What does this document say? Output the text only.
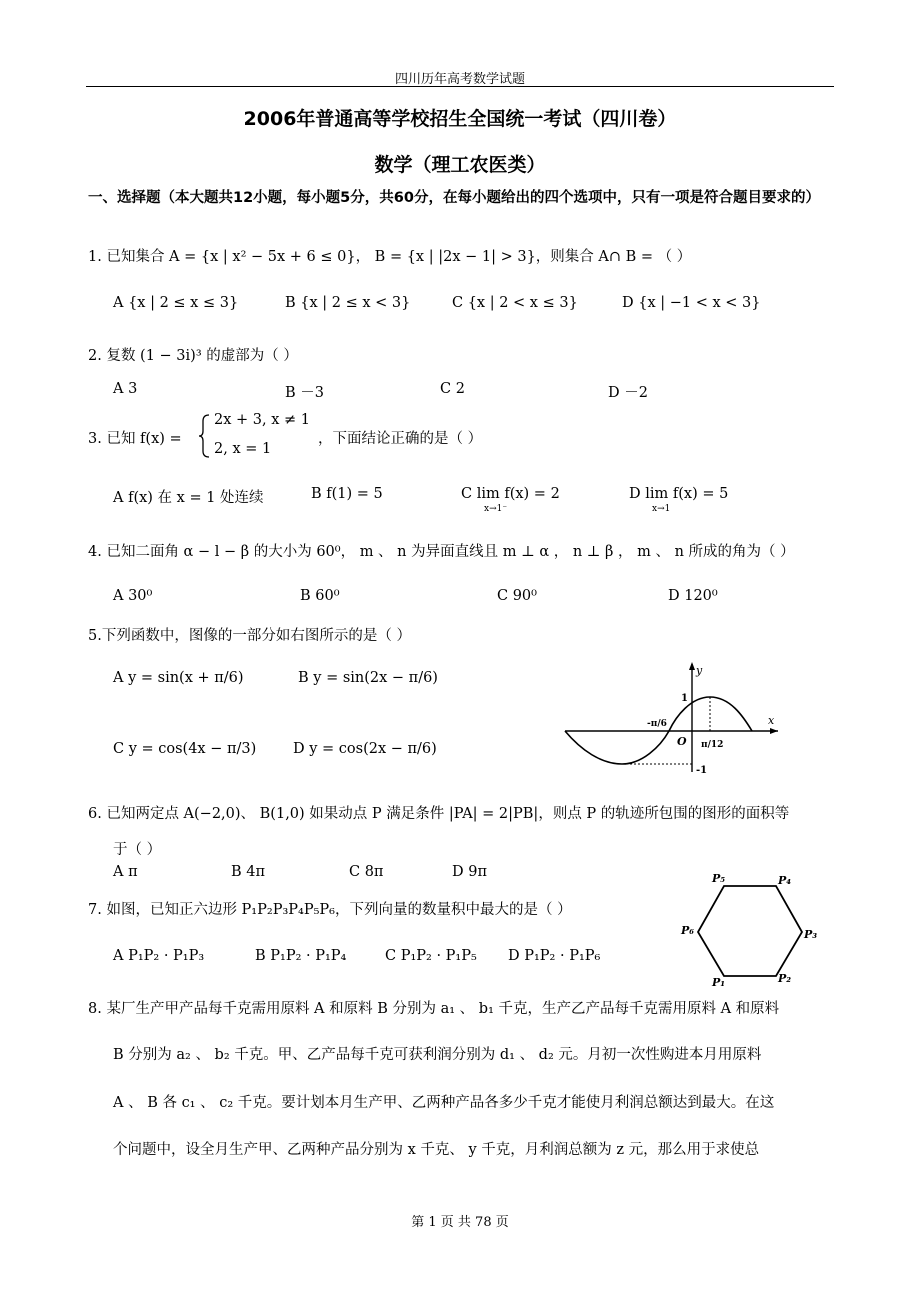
四川历年高考数学试题
2006年普通高等学校招生全国统一考试（四川卷）
数学（理工农医类）
一、选择题（本大题共12小题，每小题5分，共60分，在每小题给出的四个选项中，只有一项是符合题目要求的）
1. 已知集合 A = {x | x² − 5x + 6 ≤ 0}， B = {x | |2x − 1| > 3}，则集合 A∩ B = （ ）
A {x | 2 ≤ x ≤ 3}	B {x | 2 ≤ x < 3}	C {x | 2 < x ≤ 3}	D {x | −1 < x < 3}
2. 复数 (1 − 3i)³ 的虚部为（ ）
A 3	B －3	C 2	D －2
3. 已知 f(x) =
2x + 3, x ≠ 1
2, x = 1
，下面结论正确的是（ ）
A f(x) 在 x = 1 处连续	B f(1) = 5	C lim f(x) = 2
x→1⁻
D lim f(x) = 5
x→1
4. 已知二面角 α − l − β 的大小为 60⁰， m 、 n 为异面直线且 m ⊥ α ， n ⊥ β ， m 、 n 所成的角为（ ）
A 30⁰	B 60⁰	C 90⁰	D 120⁰
5.下列函数中，图像的一部分如右图所示的是（ ）
A y = sin(x + π/6)	B y = sin(2x − π/6)
C y = cos(4x − π/3)	D y = cos(2x − π/6)
y
x
1
-1
O
-π/6
π/12
6. 已知两定点 A(−2,0)、 B(1,0) 如果动点 P 满足条件 |PA| = 2|PB|，则点 P 的轨迹所包围的图形的面积等
于（ ）
A π	B 4π	C 8π	D 9π
7. 如图，已知正六边形 P₁P₂P₃P₄P₅P₆，下列向量的数量积中最大的是（ ）
A P₁P₂ · P₁P₃	B P₁P₂ · P₁P₄	C P₁P₂ · P₁P₅ D P₁P₂ · P₁P₆
P₁	P₂
P₃
P₄
P₅
P₆
8. 某厂生产甲产品每千克需用原料 A 和原料 B 分别为 a₁ 、 b₁ 千克，生产乙产品每千克需用原料 A 和原料
B 分别为 a₂ 、 b₂ 千克。甲、乙产品每千克可获利润分别为 d₁ 、 d₂ 元。月初一次性购进本月用原料
A 、 B 各 c₁ 、 c₂ 千克。要计划本月生产甲、乙两种产品各多少千克才能使月利润总额达到最大。在这
个问题中，设全月生产甲、乙两种产品分别为 x 千克、 y 千克，月利润总额为 z 元，那么用于求使总
第 1 页 共 78 页
